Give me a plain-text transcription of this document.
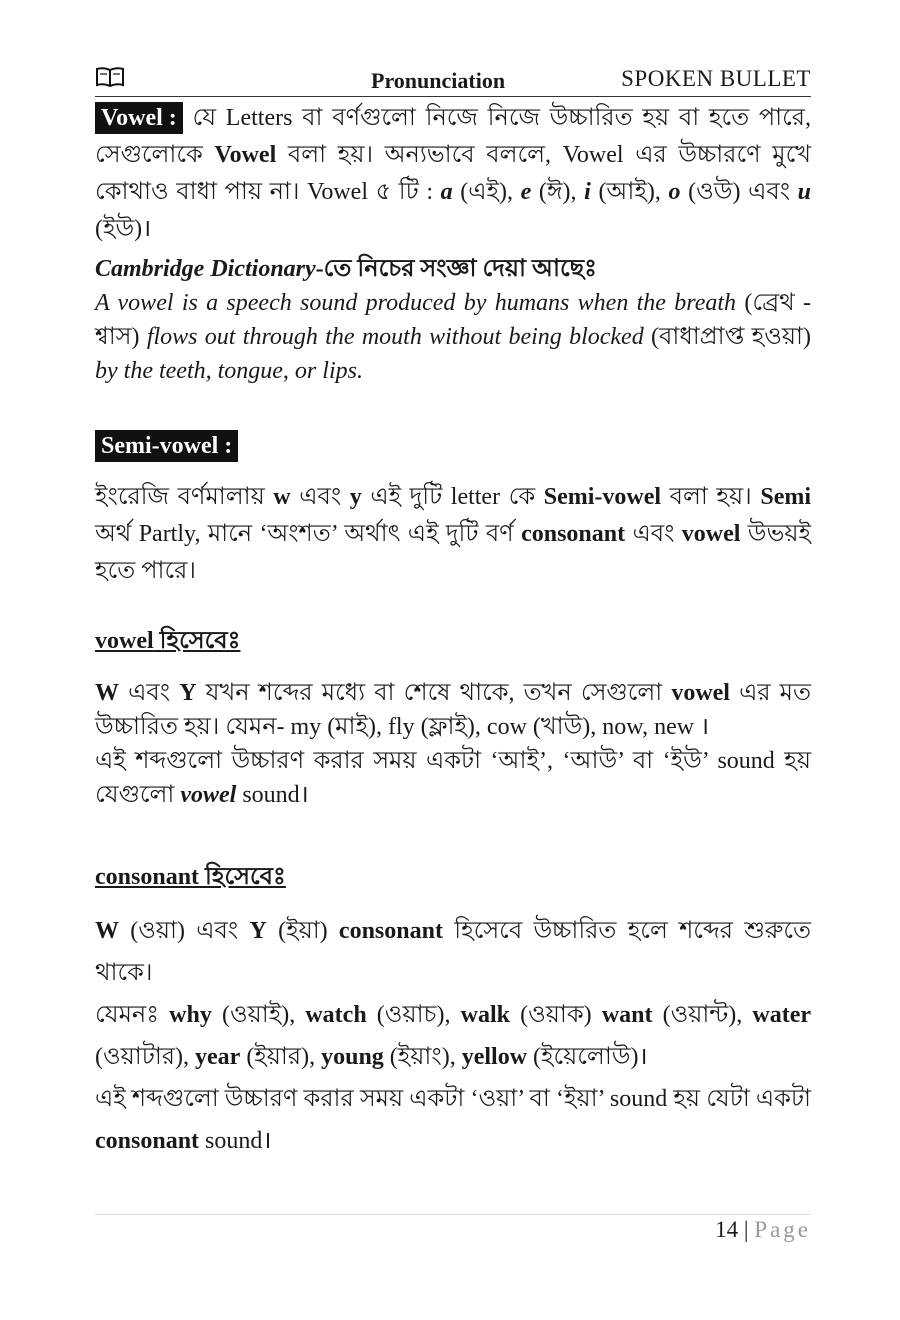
Pronunciation	SPOKEN BULLET
Vowel : যে Letters বা বর্ণগুলো নিজে নিজে উচ্চারিত হয় বা হতে পারে, সেগুলোকে Vowel বলা হয়। অন্যভাবে বললে, Vowel এর উচ্চারণে মুখে কোথাও বাধা পায় না। Vowel ৫ টি : a (এই), e (ঈ), i (আই), o (ওউ) এবং u (ইউ)।
Cambridge Dictionary-তে নিচের সংজ্ঞা দেয়া আছেঃ
A vowel is a speech sound produced by humans when the breath (ব্রেথ - শ্বাস) flows out through the mouth without being blocked (বাধাপ্রাপ্ত হওয়া) by the teeth, tongue, or lips.
Semi-vowel :
ইংরেজি বর্ণমালায় w এবং y এই দুটি letter কে Semi-vowel বলা হয়। Semi অর্থ Partly, মানে ‘অংশত’ অর্থাৎ এই দুটি বর্ণ consonant এবং vowel উভয়ই হতে পারে।
vowel হিসেবেঃ
W এবং Y যখন শব্দের মধ্যে বা শেষে থাকে, তখন সেগুলো vowel এর মত উচ্চারিত হয়। যেমন- my (মাই), fly (ফ্লাই), cow (খাউ), now, new ।
এই শব্দগুলো উচ্চারণ করার সময় একটা ‘আই’, ‘আউ’ বা ‘ইউ’ sound হয় যেগুলো vowel sound।
consonant হিসেবেঃ
W (ওয়া) এবং Y (ইয়া) consonant হিসেবে উচ্চারিত হলে শব্দের শুরুতে থাকে।
যেমনঃ why (ওয়াই), watch (ওয়াচ), walk (ওয়াক) want (ওয়ান্ট), water (ওয়াটার), year (ইয়ার), young (ইয়াং), yellow (ইয়েলোউ)।
এই শব্দগুলো উচ্চারণ করার সময় একটা ‘ওয়া’ বা ‘ইয়া’ sound হয় যেটা একটা consonant sound।
14 | Page
